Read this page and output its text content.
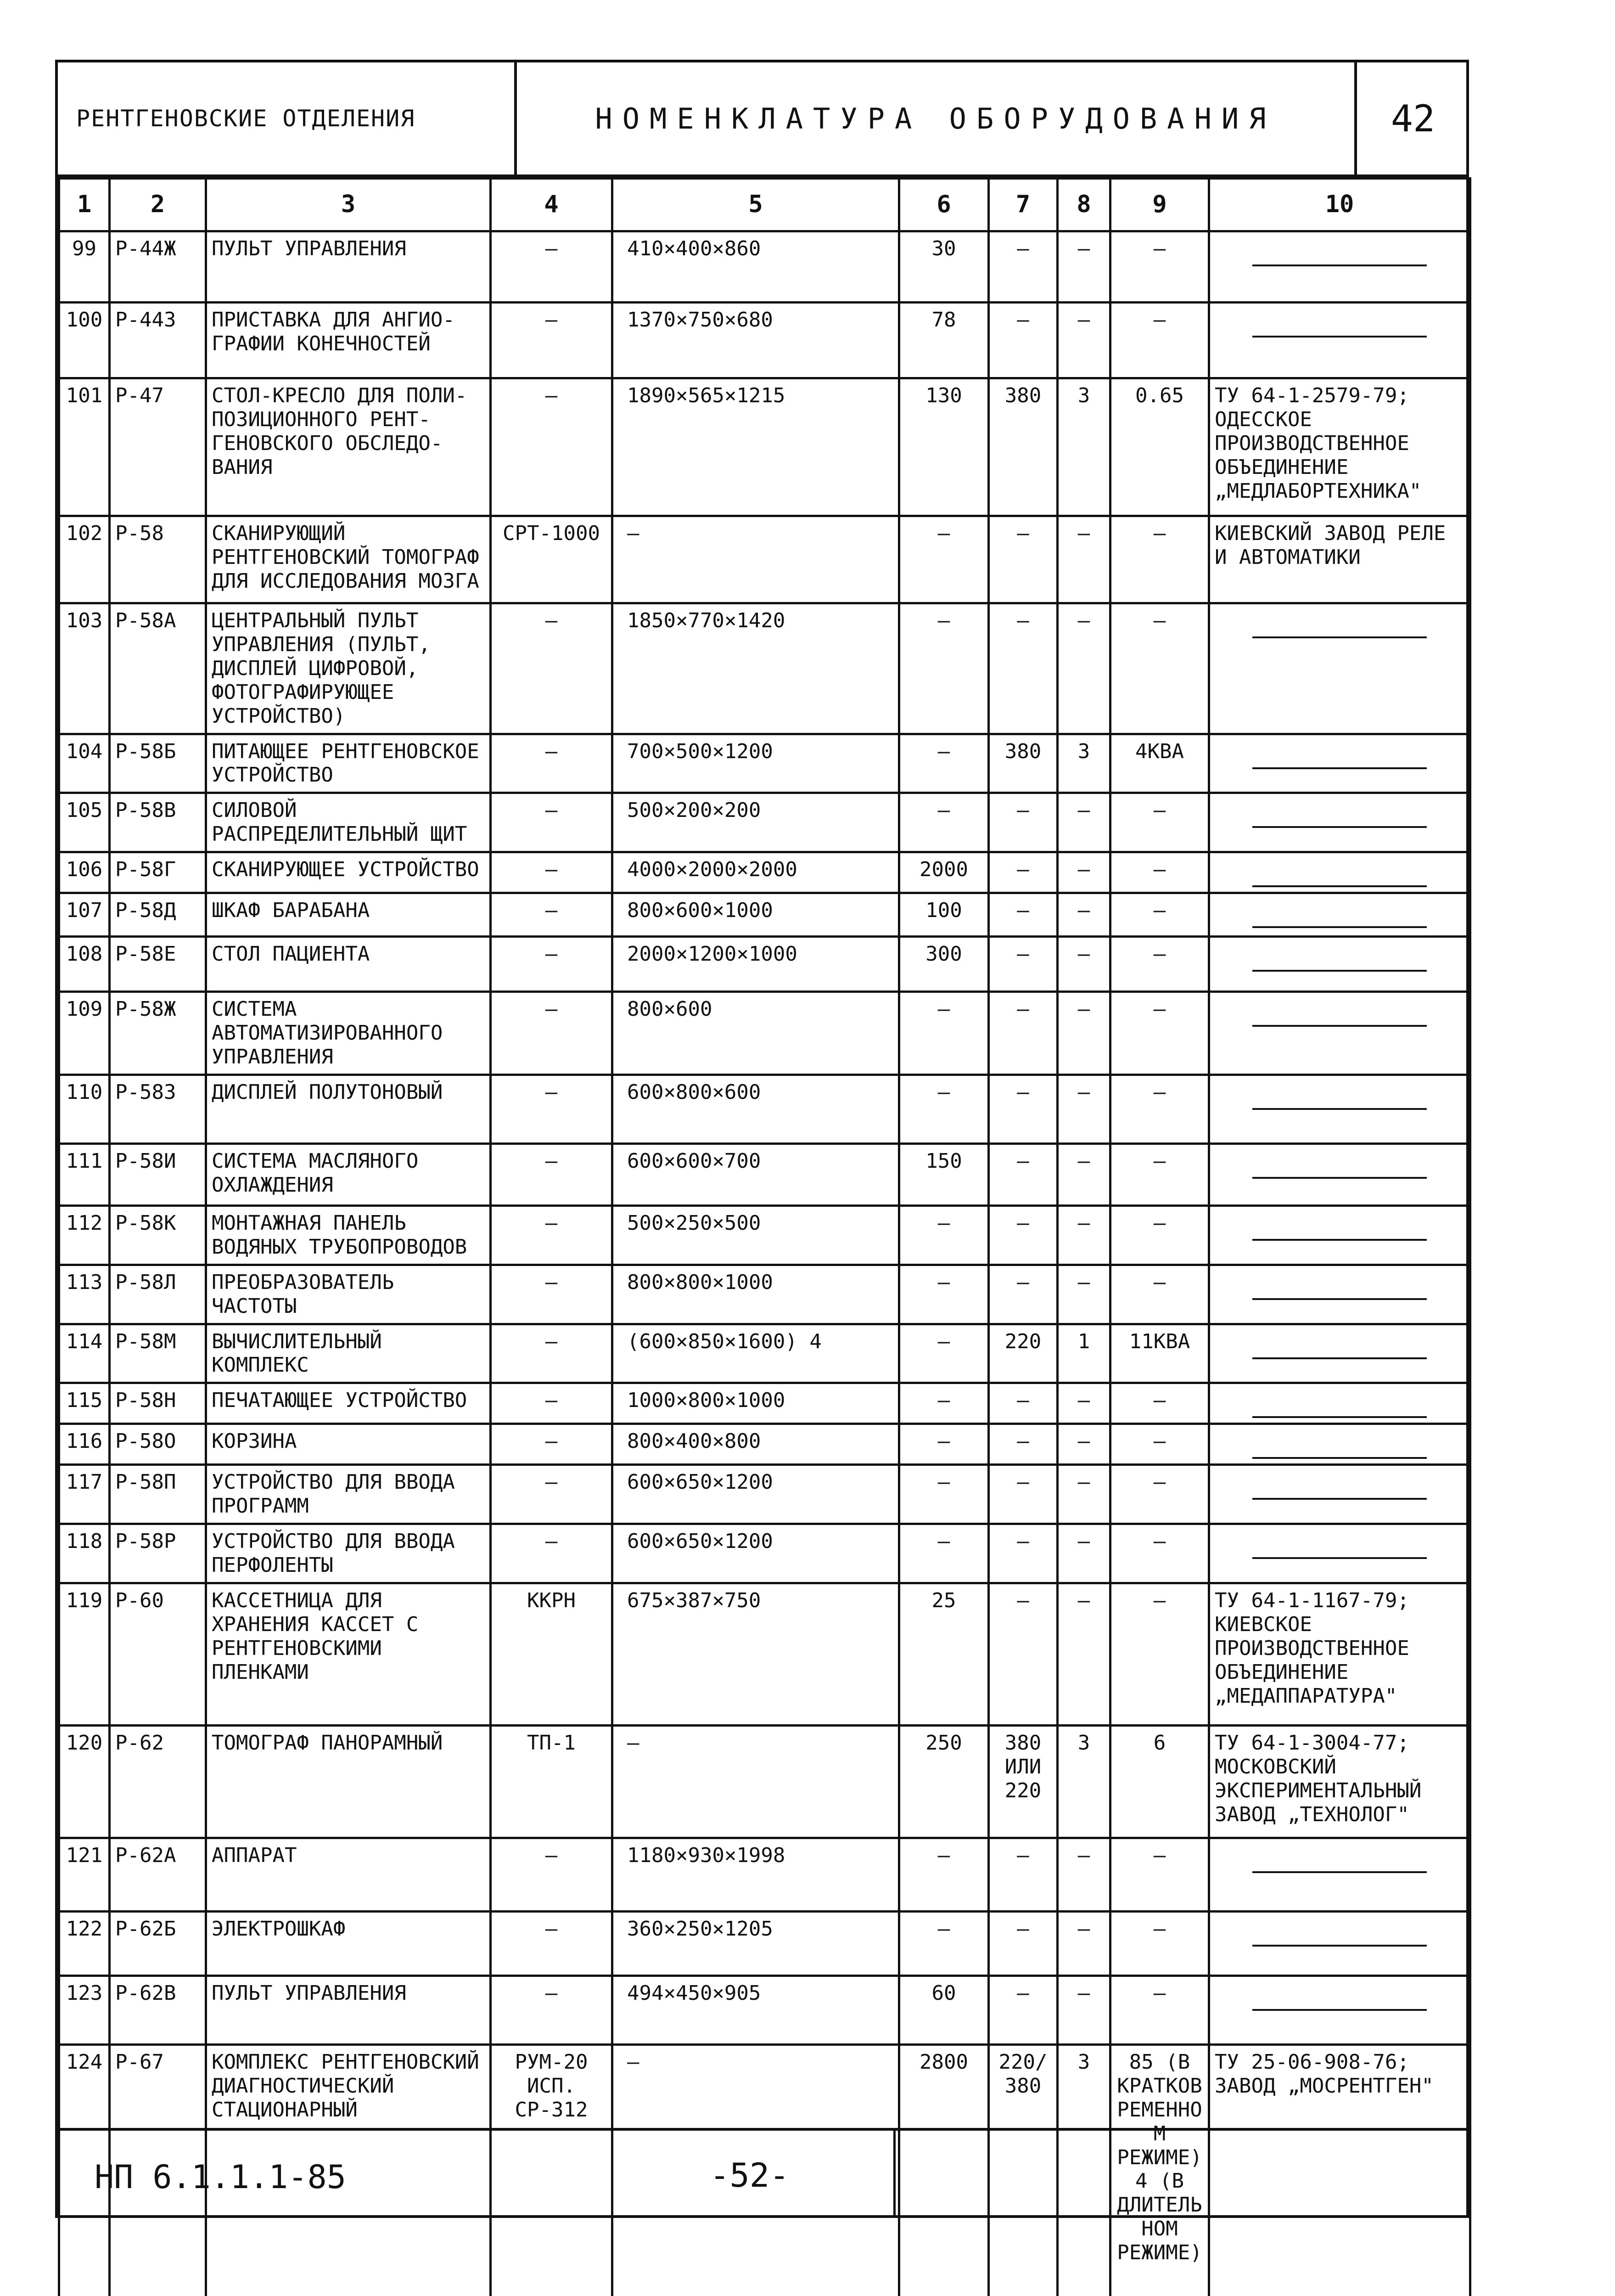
РЕНТГЕНОВСКИЕ ОТДЕЛЕНИЯ	НОМЕНКЛАТУРА ОБОРУДОВАНИЯ	42
1	2	3	4	5	6	7	8	9	10
99	Р-44Ж	ПУЛЬТ УПРАВЛЕНИЯ	—	410×400×860	30	—	—	—	

100	Р-443	ПРИСТАВКА ДЛЯ АНГИО-ГРАФИИ КОНЕЧНОСТЕЙ	—	1370×750×680	78	—	—	—	

101	Р-47	СТОЛ-КРЕСЛО ДЛЯ ПОЛИ-ПОЗИЦИОННОГО РЕНТ-ГЕНОВСКОГО ОБСЛЕДО-ВАНИЯ	—	1890×565×1215	130	380	3	0.65	ТУ 64-1-2579-79; ОДЕССКОЕ ПРОИЗВОДСТВЕННОЕ ОБЪЕДИНЕНИЕ „МЕДЛАБОРТЕХНИКА"
102	Р-58	СКАНИРУЮЩИЙ РЕНТГЕНОВСКИЙ ТОМОГРАФ ДЛЯ ИССЛЕДОВАНИЯ МОЗГА	СРТ-1000	—	—	—	—	—	КИЕВСКИЙ ЗАВОД РЕЛЕ И АВТОМАТИКИ
103	Р-58А	ЦЕНТРАЛЬНЫЙ ПУЛЬТ УПРАВЛЕНИЯ (ПУЛЬТ, ДИСПЛЕЙ ЦИФРОВОЙ, ФОТОГРАФИРУЮЩЕЕ УСТРОЙСТВО)	—	1850×770×1420	—	—	—	—	

104	Р-58Б	ПИТАЮЩЕЕ РЕНТГЕНОВСКОЕ УСТРОЙСТВО	—	700×500×1200	—	380	3	4КВА	

105	Р-58В	СИЛОВОЙ РАСПРЕДЕЛИТЕЛЬНЫЙ ЩИТ	—	500×200×200	—	—	—	—	

106	Р-58Г	СКАНИРУЮЩЕЕ УСТРОЙСТВО	—	4000×2000×2000	2000	—	—	—	

107	Р-58Д	ШКАФ БАРАБАНА	—	800×600×1000	100	—	—	—	

108	Р-58Е	СТОЛ ПАЦИЕНТА	—	2000×1200×1000	300	—	—	—	

109	Р-58Ж	СИСТЕМА АВТОМАТИЗИРОВАННОГО УПРАВЛЕНИЯ	—	800×600	—	—	—	—	

110	Р-58З	ДИСПЛЕЙ ПОЛУТОНОВЫЙ	—	600×800×600	—	—	—	—	

111	Р-58И	СИСТЕМА МАСЛЯНОГО ОХЛАЖДЕНИЯ	—	600×600×700	150	—	—	—	

112	Р-58К	МОНТАЖНАЯ ПАНЕЛЬ ВОДЯНЫХ ТРУБОПРОВОДОВ	—	500×250×500	—	—	—	—	

113	Р-58Л	ПРЕОБРАЗОВАТЕЛЬ ЧАСТОТЫ	—	800×800×1000	—	—	—	—	

114	Р-58М	ВЫЧИСЛИТЕЛЬНЫЙ КОМПЛЕКС	—	(600×850×1600) 4	—	220	1	11КВА	

115	Р-58Н	ПЕЧАТАЮЩЕЕ УСТРОЙСТВО	—	1000×800×1000	—	—	—	—	

116	Р-58О	КОРЗИНА	—	800×400×800	—	—	—	—	

117	Р-58П	УСТРОЙСТВО ДЛЯ ВВОДА ПРОГРАММ	—	600×650×1200	—	—	—	—	

118	Р-58Р	УСТРОЙСТВО ДЛЯ ВВОДА ПЕРФОЛЕНТЫ	—	600×650×1200	—	—	—	—	

119	Р-60	КАССЕТНИЦА ДЛЯ ХРАНЕНИЯ КАССЕТ С РЕНТГЕНОВСКИМИ ПЛЕНКАМИ	ККРН	675×387×750	25	—	—	—	ТУ 64-1-1167-79; КИЕВСКОЕ ПРОИЗВОДСТВЕННОЕ ОБЪЕДИНЕНИЕ „МЕДАППАРАТУРА"
120	Р-62	ТОМОГРАФ ПАНОРАМНЫЙ	ТП-1	—	250	380 ИЛИ 220	3	6	ТУ 64-1-3004-77; МОСКОВСКИЙ ЭКСПЕРИМЕНТАЛЬНЫЙ ЗАВОД „ТЕХНОЛОГ"
121	Р-62А	АППАРАТ	—	1180×930×1998	—	—	—	—	

122	Р-62Б	ЭЛЕКТРОШКАФ	—	360×250×1205	—	—	—	—	

123	Р-62В	ПУЛЬТ УПРАВЛЕНИЯ	—	494×450×905	60	—	—	—	

124	Р-67	КОМПЛЕКС РЕНТГЕНОВСКИЙ ДИАГНОСТИЧЕСКИЙ СТАЦИОНАРНЫЙ	РУМ-20 ИСП. СР-312	—	2800	220/380	3	85 (В КРАТКОВРЕМЕННОМ РЕЖИМЕ) 4 (В ДЛИТЕЛЬНОМ РЕЖИМЕ)	ТУ 25-06-908-76; ЗАВОД „МОСРЕНТГЕН"
НП 6.1.1.1-85	-52-
